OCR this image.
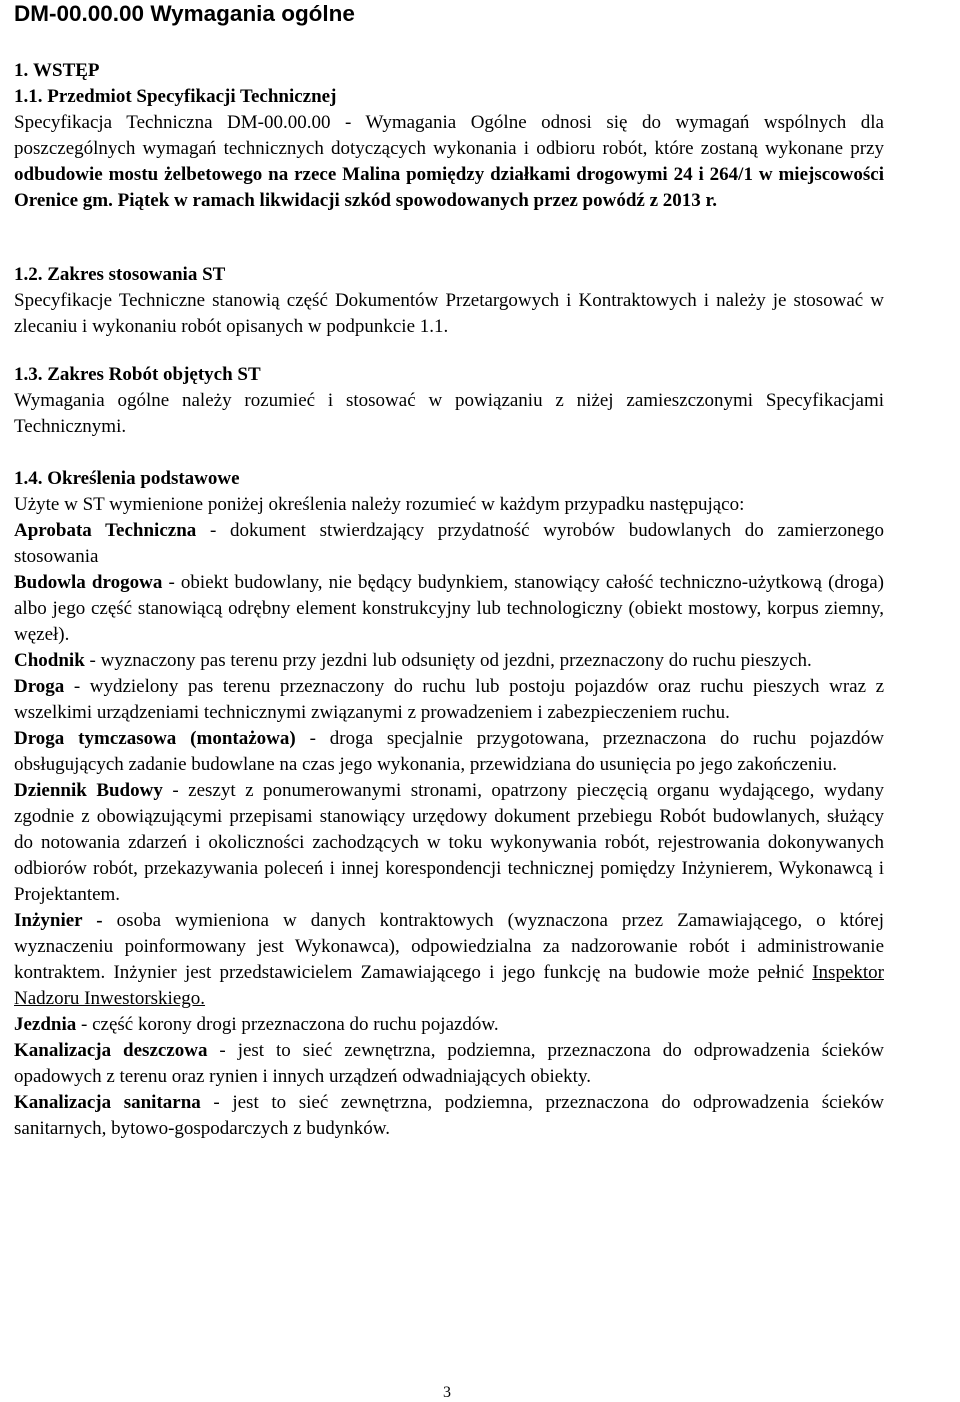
DM-00.00.00 Wymagania ogólne

1. WSTĘP

1.1. Przedmiot Specyfikacji Technicznej

Specyfikacja Techniczna DM-00.00.00 - Wymagania Ogólne odnosi się do wymagań wspólnych dla poszczególnych wymagań technicznych dotyczących wykonania i odbioru robót, które zostaną wykonane przy odbudowie mostu żelbetowego na rzece Malina pomiędzy działkami drogowymi 24 i 264/1 w miejscowości Orenice gm. Piątek w ramach likwidacji szkód spowodowanych przez powódź z 2013 r.

1.2. Zakres stosowania ST

Specyfikacje Techniczne stanowią część Dokumentów Przetargowych i Kontraktowych i należy je stosować w zlecaniu i wykonaniu robót opisanych w podpunkcie 1.1.

1.3. Zakres Robót objętych ST

Wymagania ogólne należy rozumieć i stosować w powiązaniu z niżej zamieszczonymi Specyfikacjami Technicznymi.

1.4. Określenia podstawowe

Użyte w ST wymienione poniżej określenia należy rozumieć w każdym przypadku następująco:

Aprobata Techniczna - dokument stwierdzający przydatność wyrobów budowlanych do zamierzonego stosowania

Budowla drogowa - obiekt budowlany, nie będący budynkiem, stanowiący całość techniczno-użytkową (droga) albo jego część stanowiącą odrębny element konstrukcyjny lub technologiczny (obiekt mostowy, korpus ziemny, węzeł).

Chodnik - wyznaczony pas terenu przy jezdni lub odsunięty od jezdni, przeznaczony do ruchu pieszych.

Droga - wydzielony pas terenu przeznaczony do ruchu lub postoju pojazdów oraz ruchu pieszych wraz z wszelkimi urządzeniami technicznymi związanymi z prowadzeniem i zabezpieczeniem ruchu.

Droga tymczasowa (montażowa) - droga specjalnie przygotowana, przeznaczona do ruchu pojazdów obsługujących zadanie budowlane na czas jego wykonania, przewidziana do usunięcia po jego zakończeniu.

Dziennik Budowy - zeszyt z ponumerowanymi stronami, opatrzony pieczęcią organu wydającego, wydany zgodnie z obowiązującymi przepisami stanowiący urzędowy dokument przebiegu Robót budowlanych, służący do notowania zdarzeń i okoliczności zachodzących w toku wykonywania robót, rejestrowania dokonywanych odbiorów robót, przekazywania poleceń i innej korespondencji technicznej pomiędzy Inżynierem, Wykonawcą i Projektantem.

Inżynier - osoba wymieniona w danych kontraktowych (wyznaczona przez Zamawiającego, o której wyznaczeniu poinformowany jest Wykonawca), odpowiedzialna za nadzorowanie robót i administrowanie kontraktem. Inżynier jest przedstawicielem Zamawiającego i jego funkcję na budowie może pełnić Inspektor Nadzoru Inwestorskiego.

Jezdnia - część korony drogi przeznaczona do ruchu pojazdów.

Kanalizacja deszczowa - jest to sieć zewnętrzna, podziemna, przeznaczona do odprowadzenia ścieków opadowych z terenu oraz rynien i innych urządzeń odwadniających obiekty.

Kanalizacja sanitarna - jest to sieć zewnętrzna, podziemna, przeznaczona do odprowadzenia ścieków sanitarnych, bytowo-gospodarczych z budynków.

3
